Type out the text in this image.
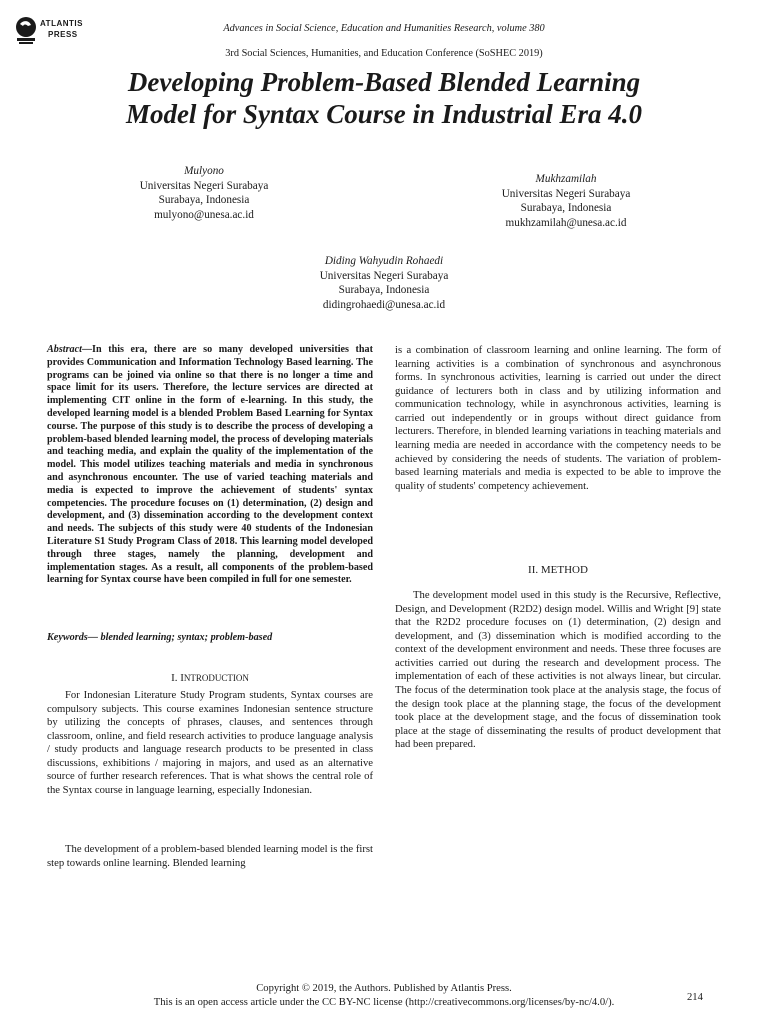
ATLANTIS
PRESS
Advances in Social Science, Education and Humanities Research, volume 380
3rd Social Sciences, Humanities, and Education Conference (SoSHEC 2019)
Developing Problem-Based Blended Learning
Model for Syntax Course in Industrial Era 4.0
Mulyono
Universitas Negeri Surabaya
Surabaya, Indonesia
mulyono@unesa.ac.id
Mukhzamilah
Universitas Negeri Surabaya
Surabaya, Indonesia
mukhzamilah@unesa.ac.id
Diding Wahyudin Rohaedi
Universitas Negeri Surabaya
Surabaya, Indonesia
didingrohaedi@unesa.ac.id
Abstract—In this era, there are so many developed universities that provides Communication and Information Technology Based learning. The programs can be joined via online so that there is no longer a time and space limit for its users. Therefore, the lecture services are directed at implementing CIT online in the form of e-learning. In this study, the developed learning model is a blended Problem Based Learning for Syntax course. The purpose of this study is to describe the process of developing a problem-based blended learning model, the process of developing materials and teaching media, and explain the quality of the implementation of the model. This model utilizes teaching materials and media in synchronous and asynchronous encounter. The use of varied teaching materials and media is expected to improve the achievement of students' syntax competencies. The procedure focuses on (1) determination, (2) design and development, and (3) dissemination according to the development context and needs. The subjects of this study were 40 students of the Indonesian Literature S1 Study Program Class of 2018. This learning model developed through three stages, namely the planning, development and implementation stages. As a result, all components of the problem-based learning for Syntax course have been compiled in full for one semester.
Keywords— blended learning; syntax; problem-based
I. INTRODUCTION

For Indonesian Literature Study Program students, Syntax courses are compulsory subjects. This course examines Indonesian sentence structure by utilizing the concepts of phrases, clauses, and sentences through classroom, online, and field research activities to produce language analysis / study products and language research products to be presented in class discussions, exhibitions / majoring in majors, and used as an alternative source of further research references. That is what shows the central role of the Syntax course in language learning, especially Indonesian.

The development of a problem-based blended learning model is the first step towards online learning. Blended learning

is a combination of classroom learning and online learning. The form of learning activities is a combination of synchronous and asynchronous forms. In synchronous activities, learning is carried out under the direct guidance of lecturers both in class and by utilizing information and communication technology, while in asynchronous activities, learning is carried out independently or in groups without direct guidance from lecturers. Therefore, in blended learning variations in teaching materials and learning media are needed in accordance with the competency needs to be achieved by considering the needs of students. The variation of problem-based learning materials and media is expected to be able to improve the quality of students' competency achievement.

II. METHOD

The development model used in this study is the Recursive, Reflective, Design, and Development (R2D2) design model. Willis and Wright [9] state that the R2D2 procedure focuses on (1) determination, (2) design and development, and (3) dissemination which is modified according to the context of the development environment and needs. These three focuses are activities carried out during the research and development process. The implementation of each of these activities is not always linear, but circular. The focus of the determination took place at the analysis stage, the focus of the design took place at the planning stage, the focus of the development took place at the development stage, and the focus of dissemination took place at the stage of disseminating the results of product development that had been prepared.

Copyright © 2019, the Authors. Published by Atlantis Press.
This is an open access article under the CC BY-NC license (http://creativecommons.org/licenses/by-nc/4.0/).	214
